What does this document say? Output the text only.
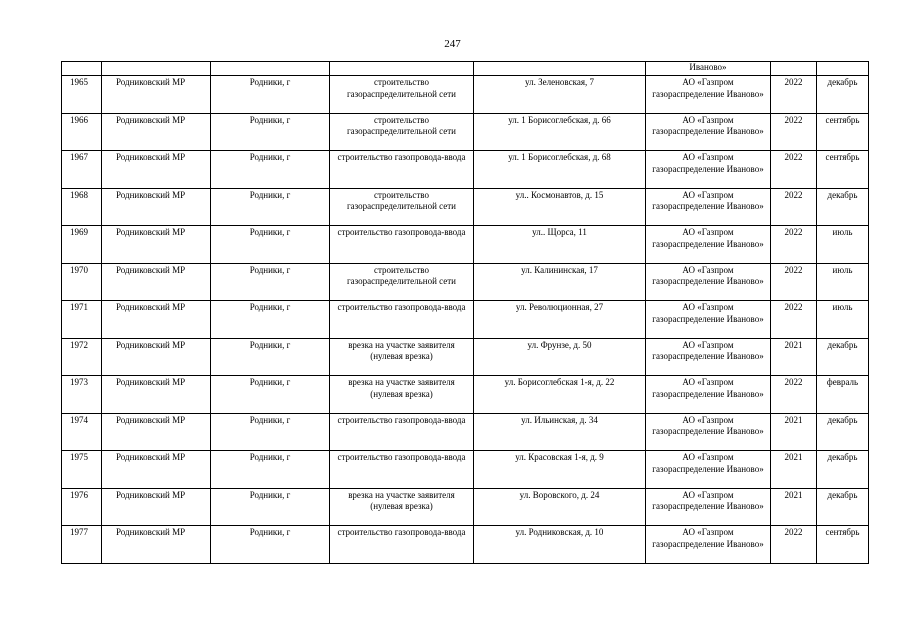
247
					Иваново»		
1965	Родниковский МР	Родники, г	строительство газораспределительной сети	ул. Зеленовская, 7	АО «Газпром газораспределение Иваново»	2022	декабрь
1966	Родниковский МР	Родники, г	строительство газораспределительной сети	ул. 1 Борисоглебская, д. 66	АО «Газпром газораспределение Иваново»	2022	сентябрь
1967	Родниковский МР	Родники, г	строительство газопровода-ввода	ул. 1 Борисоглебская, д. 68	АО «Газпром газораспределение Иваново»	2022	сентябрь
1968	Родниковский МР	Родники, г	строительство газораспределительной сети	ул.. Космонавтов, д. 15	АО «Газпром газораспределение Иваново»	2022	декабрь
1969	Родниковский МР	Родники, г	строительство газопровода-ввода	ул.. Щорса, 11	АО «Газпром газораспределение Иваново»	2022	июль
1970	Родниковский МР	Родники, г	строительство газораспределительной сети	ул. Калининская, 17	АО «Газпром газораспределение Иваново»	2022	июль
1971	Родниковский МР	Родники, г	строительство газопровода-ввода	ул. Революционная, 27	АО «Газпром газораспределение Иваново»	2022	июль
1972	Родниковский МР	Родники, г	врезка на участке заявителя (нулевая врезка)	ул. Фрунзе, д. 50	АО «Газпром газораспределение Иваново»	2021	декабрь
1973	Родниковский МР	Родники, г	врезка на участке заявителя (нулевая врезка)	ул. Борисоглебская 1-я, д. 22	АО «Газпром газораспределение Иваново»	2022	февраль
1974	Родниковский МР	Родники, г	строительство газопровода-ввода	ул. Ильинская, д. 34	АО «Газпром газораспределение Иваново»	2021	декабрь
1975	Родниковский МР	Родники, г	строительство газопровода-ввода	ул. Красовская 1-я, д. 9	АО «Газпром газораспределение Иваново»	2021	декабрь
1976	Родниковский МР	Родники, г	врезка на участке заявителя (нулевая врезка)	ул. Воровского, д. 24	АО «Газпром газораспределение Иваново»	2021	декабрь
1977	Родниковский МР	Родники, г	строительство газопровода-ввода	ул. Родниковская, д. 10	АО «Газпром газораспределение Иваново»	2022	сентябрь
